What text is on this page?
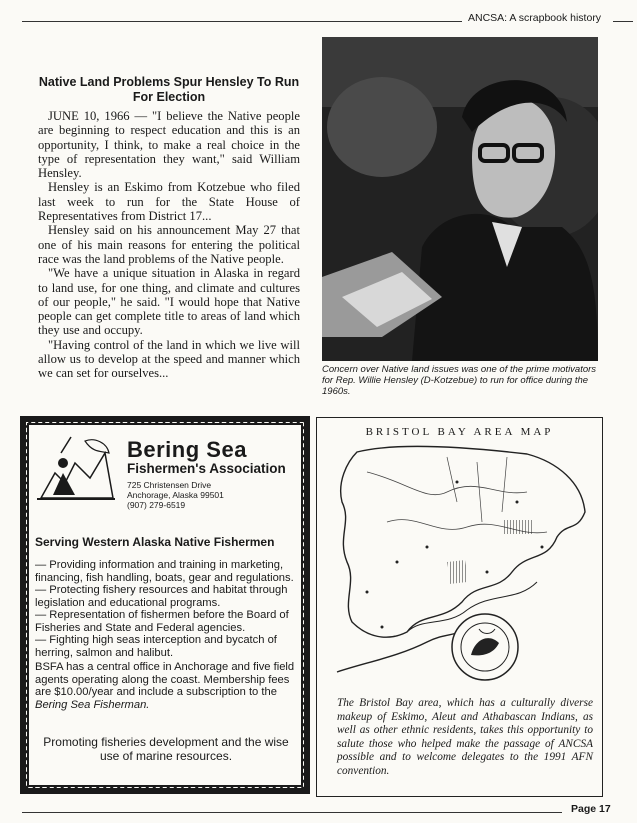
ANCSA: A scrapbook history
Native Land Problems Spur Hensley To Run For Election

JUNE 10, 1966 — "I believe the Native people are beginning to respect education and this is an opportunity, I think, to make a real choice in the type of representation they want," said William Hensley.

Hensley is an Eskimo from Kotzebue who filed last week to run for the State House of Representatives from District 17...

Hensley said on his announcement May 27 that one of his main reasons for entering the political race was the land problems of the Native people.

"We have a unique situation in Alaska in regard to land use, for one thing, and climate and cultures of our people," he said. "I would hope that Native people can get complete title to areas of land which they use and occupy.

"Having control of the land in which we live will allow us to develop at the speed and manner which we can set for ourselves...	Concern over Native land issues was one of the prime motivators for Rep. Willie Hensley (D-Kotzebue) to run for office during the 1960s.
Bering Sea
Fishermen's Association
725 Christensen Drive
Anchorage, Alaska 99501
(907) 279-6519
Serving Western Alaska Native Fishermen

— Providing information and training in marketing, financing, fish handling, boats, gear and regulations.

— Protecting fishery resources and habitat through legislation and educational programs.

— Representation of fishermen before the Board of Fisheries and State and Federal agencies.

— Fighting high seas interception and bycatch of herring, salmon and halibut.

BSFA has a central office in Anchorage and five field agents operating along the coast. Membership fees are $10.00/year and include a subscription to the Bering Sea Fisherman.

Promoting fisheries development and the wise use of marine resources.
BRISTOL BAY AREA MAP
The Bristol Bay area, which has a culturally diverse makeup of Eskimo, Aleut and Athabascan Indians, as well as other ethnic residents, takes this opportunity to salute those who helped make the passage of ANCSA possible and to welcome delegates to the 1991 AFN convention.
Page 17
